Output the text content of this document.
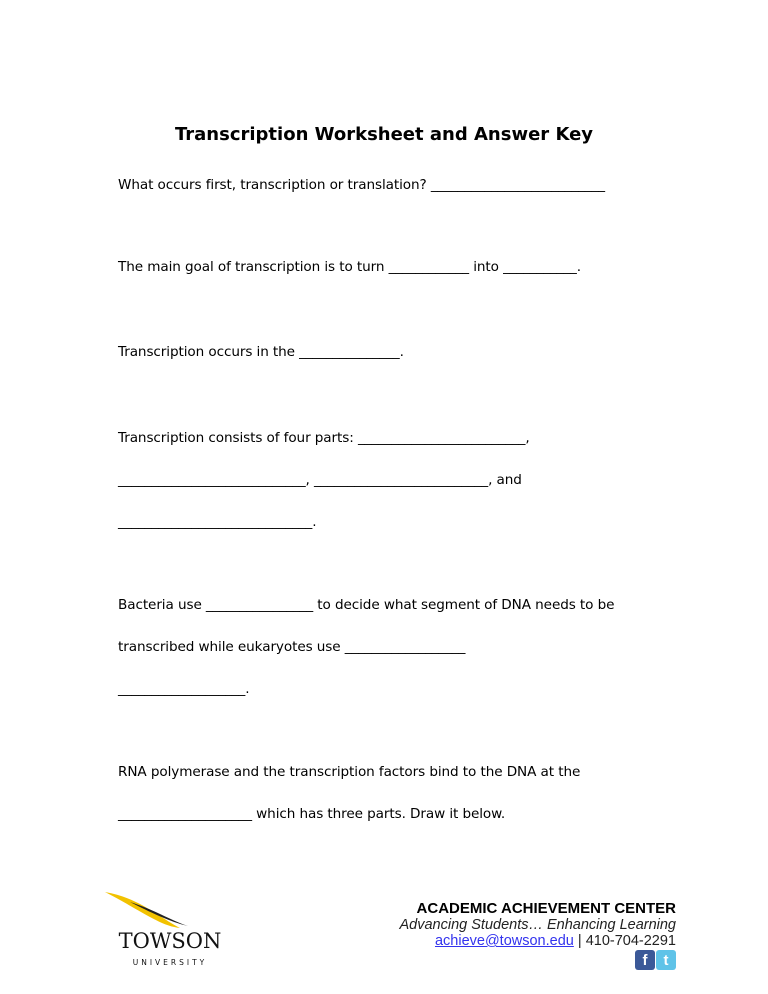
Transcription Worksheet and Answer Key
What occurs first, transcription or translation? __________________________
The main goal of transcription is to turn ____________ into ___________.
Transcription occurs in the _______________.
Transcription consists of four parts: _________________________,
____________________________, __________________________, and
_____________________________.
Bacteria use ________________ to decide what segment of DNA needs to be
transcribed while eukaryotes use __________________
___________________.
RNA polymerase and the transcription factors bind to the DNA at the
____________________ which has three parts. Draw it below.
TOWSON
UNIVERSITY
ACADEMIC ACHIEVEMENT CENTER
Advancing Students… Enhancing Learning
achieve@towson.edu | 410-704-2291
f	t
